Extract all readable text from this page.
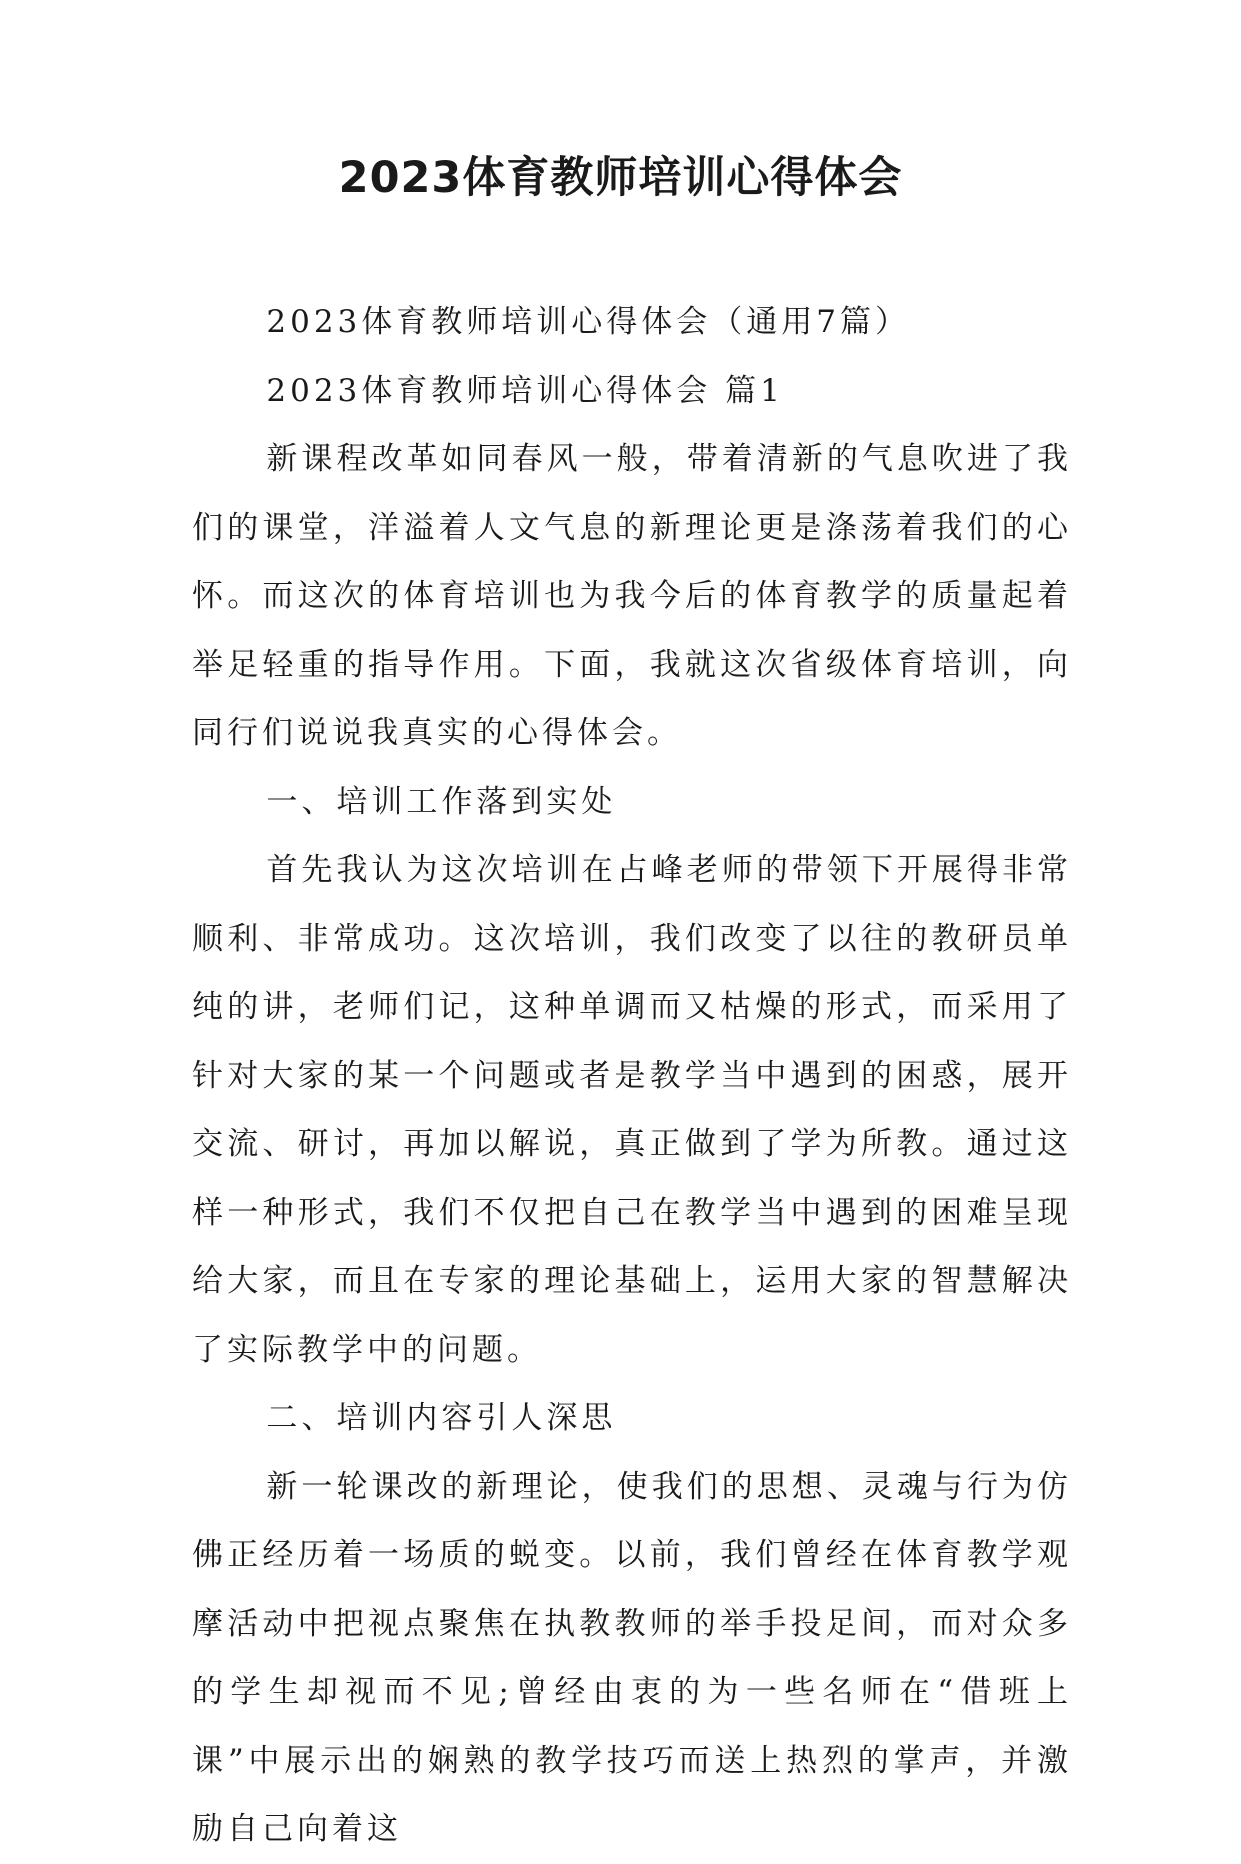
2023体育教师培训心得体会

2023体育教师培训心得体会（通用7篇）

2023体育教师培训心得体会 篇1

新课程改革如同春风一般，带着清新的气息吹进了我们的课堂，洋溢着人文气息的新理论更是涤荡着我们的心怀。而这次的体育培训也为我今后的体育教学的质量起着举足轻重的指导作用。下面，我就这次省级体育培训，向同行们说说我真实的心得体会。

一、培训工作落到实处

首先我认为这次培训在占峰老师的带领下开展得非常顺利、非常成功。这次培训，我们改变了以往的教研员单纯的讲，老师们记，这种单调而又枯燥的形式，而采用了针对大家的某一个问题或者是教学当中遇到的困惑，展开交流、研讨，再加以解说，真正做到了学为所教。通过这样一种形式，我们不仅把自己在教学当中遇到的困难呈现给大家，而且在专家的理论基础上，运用大家的智慧解决了实际教学中的问题。

二、培训内容引人深思

新一轮课改的新理论，使我们的思想、灵魂与行为仿佛正经历着一场质的蜕变。以前，我们曾经在体育教学观摩活动中把视点聚焦在执教教师的举手投足间，而对众多的学生却视而不见;曾经由衷的为一些名师在“借班上课”中展示出的娴熟的教学技巧而送上热烈的掌声，并激励自己向着这
